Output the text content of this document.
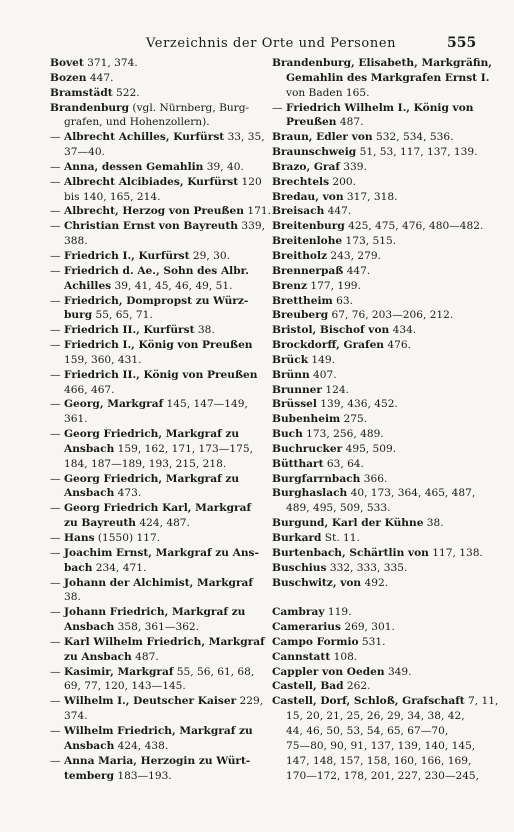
Verzeichnis der Orte und Personen	555
Bovet 371, 374.
Bozen 447.
Bramstädt 522.
Brandenburg (vgl. Nürnberg, Burg-
grafen, und Hohenzollern).
— Albrecht Achilles, Kurfürst 33, 35,
37—40.
— Anna, dessen Gemahlin 39, 40.
— Albrecht Alcibiades, Kurfürst 120
bis 140, 165, 214.
— Albrecht, Herzog von Preußen 171.
— Christian Ernst von Bayreuth 339,
388.
— Friedrich I., Kurfürst 29, 30.
— Friedrich d. Ae., Sohn des Albr.
Achilles 39, 41, 45, 46, 49, 51.
— Friedrich, Dompropst zu Würz-
burg 55, 65, 71.
— Friedrich II., Kurfürst 38.
— Friedrich I., König von Preußen
159, 360, 431.
— Friedrich II., König von Preußen
466, 467.
— Georg, Markgraf 145, 147—149,
361.
— Georg Friedrich, Markgraf zu
Ansbach 159, 162, 171, 173—175,
184, 187—189, 193, 215, 218.
— Georg Friedrich, Markgraf zu
Ansbach 473.
— Georg Friedrich Karl, Markgraf
zu Bayreuth 424, 487.
— Hans (1550) 117.
— Joachim Ernst, Markgraf zu Ans-
bach 234, 471.
— Johann der Alchimist, Markgraf
38.
— Johann Friedrich, Markgraf zu
Ansbach 358, 361—362.
— Karl Wilhelm Friedrich, Markgraf
zu Ansbach 487.
— Kasimir, Markgraf 55, 56, 61, 68,
69, 77, 120, 143—145.
— Wilhelm I., Deutscher Kaiser 229,
374.
— Wilhelm Friedrich, Markgraf zu
Ansbach 424, 438.
— Anna Maria, Herzogin zu Würt-
temberg 183—193.
Brandenburg, Elisabeth, Markgräfin,
Gemahlin des Markgrafen Ernst I.
von Baden 165.
— Friedrich Wilhelm I., König von
Preußen 487.
Braun, Edler von 532, 534, 536.
Braunschweig 51, 53, 117, 137, 139.
Brazo, Graf 339.
Brechtels 200.
Bredau, von 317, 318.
Breisach 447.
Breitenburg 425, 475, 476, 480—482.
Breitenlohe 173, 515.
Breitholz 243, 279.
Brennerpaß 447.
Brenz 177, 199.
Brettheim 63.
Breuberg 67, 76, 203—206, 212.
Bristol, Bischof von 434.
Brockdorff, Grafen 476.
Brück 149.
Brünn 407.
Brunner 124.
Brüssel 139, 436, 452.
Bubenheim 275.
Buch 173, 256, 489.
Buchrucker 495, 509.
Bütthart 63, 64.
Burgfarrnbach 366.
Burghaslach 40, 173, 364, 465, 487,
489, 495, 509, 533.
Burgund, Karl der Kühne 38.
Burkard St. 11.
Burtenbach, Schärtlin von 117, 138.
Buschius 332, 333, 335.
Buschwitz, von 492.
Cambray 119.
Camerarius 269, 301.
Campo Formio 531.
Cannstatt 108.
Cappler von Oeden 349.
Castell, Bad 262.
Castell, Dorf, Schloß, Grafschaft 7, 11,
15, 20, 21, 25, 26, 29, 34, 38, 42,
44, 46, 50, 53, 54, 65, 67—70,
75—80, 90, 91, 137, 139, 140, 145,
147, 148, 157, 158, 160, 166, 169,
170—172, 178, 201, 227, 230—245,
